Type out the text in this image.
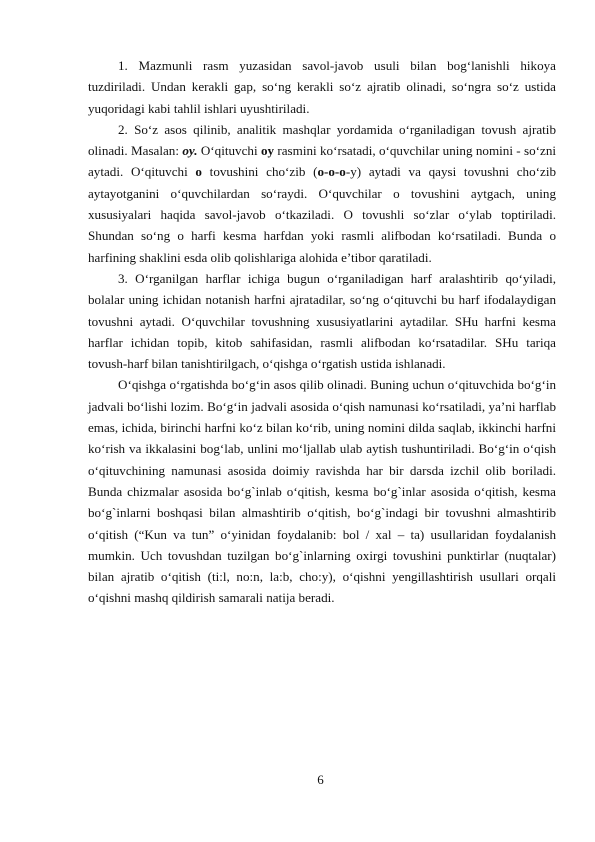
1. Mazmunli rasm yuzasidan savol-javob usuli bilan bog‘lanishli hikoya tuzdiriladi. Undan kerakli gap, so‘ng kerakli so‘z ajratib olinadi, so‘ngra so‘z ustida yuqoridagi kabi tahlil ishlari uyushtiriladi.

2. So‘z asos qilinib, analitik mashqlar yordamida o‘rganiladigan tovush ajratib olinadi. Masalan: oy. O‘qituvchi oy rasmini ko‘rsatadi, o‘quvchilar uning nomini - so‘zni aytadi. O‘qituvchi o tovushini cho‘zib (o-o-o-y) aytadi va qaysi tovushni cho‘zib aytayotganini o‘quvchilardan so‘raydi. O‘quvchilar o tovushini aytgach, uning xususiyalari haqida savol-javob o‘tkaziladi. O tovushli so‘zlar o‘ylab toptiriladi. Shundan so‘ng o harfi kesma harfdan yoki rasmli alifbodan ko‘rsatiladi. Bunda o harfining shaklini esda olib qolishlariga alohida e’tibor qaratiladi.

3. O‘rganilgan harflar ichiga bugun o‘rganiladigan harf aralashtirib qo‘yiladi, bolalar uning ichidan notanish harfni ajratadilar, so‘ng o‘qituvchi bu harf ifodalaydigan tovushni aytadi. O‘quvchilar tovushning xususiyatlarini aytadilar. SHu harfni kesma harflar ichidan topib, kitob sahifasidan, rasmli alifbodan ko‘rsatadilar. SHu tariqa tovush-harf bilan tanishtirilgach, o‘qishga o‘rgatish ustida ishlanadi.

O‘qishga o‘rgatishda bo‘g‘in asos qilib olinadi. Buning uchun o‘qituvchida bo‘g‘in jadvali bo‘lishi lozim. Bo‘g‘in jadvali asosida o‘qish namunasi ko‘rsatiladi, ya’ni harflab emas, ichida, birinchi harfni ko‘z bilan ko‘rib, uning nomini dilda saqlab, ikkinchi harfni ko‘rish va ikkalasini bog‘lab, unlini mo‘ljallab ulab aytish tushuntiriladi. Bo‘g‘in o‘qish o‘qituvchining namunasi asosida doimiy ravishda har bir darsda izchil olib boriladi. Bunda chizmalar asosida bo‘g`inlab o‘qitish, kesma bo‘g`inlar asosida o‘qitish, kesma bo‘g`inlarni boshqasi bilan almashtirib o‘qitish, bo‘g`indagi bir tovushni almashtirib o‘qitish (“Kun va tun” o‘yinidan foydalanib: bol / xal – ta) usullaridan foydalanish mumkin. Uch tovushdan tuzilgan bo‘g`inlarning oxirgi tovushini punktirlar (nuqtalar) bilan ajratib o‘qitish (ti:l, no:n, la:b, cho:y), o‘qishni yengillashtirish usullari orqali o‘qishni mashq qildirish samarali natija beradi.

6
